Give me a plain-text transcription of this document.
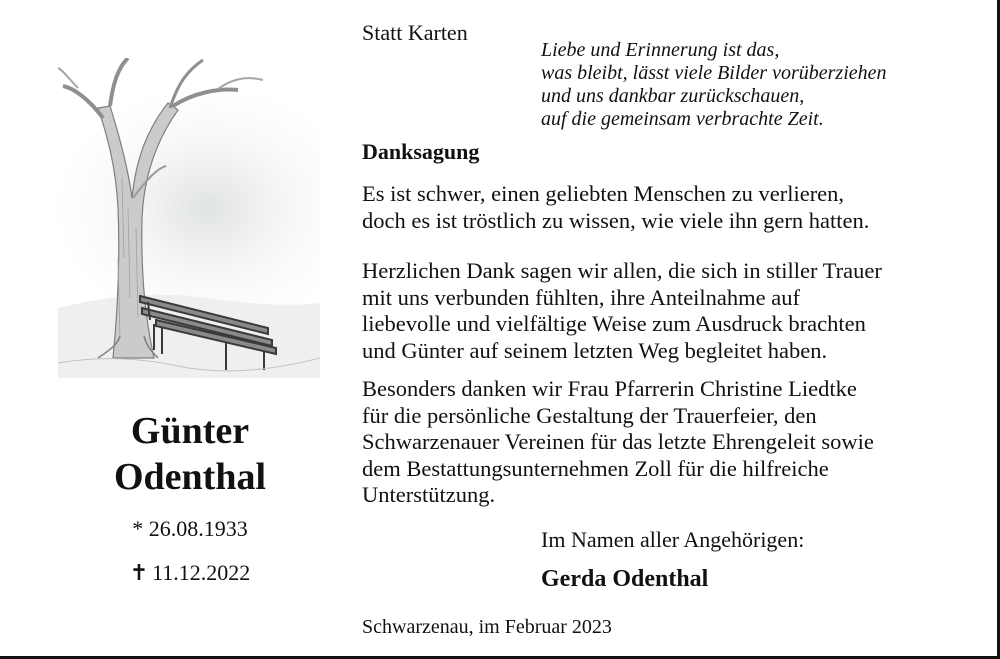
Günter
Odenthal
* 26.08.1933
✝ 11.12.2022
Statt Karten
Liebe und Erinnerung ist das,
was bleibt, lässt viele Bilder vorüberziehen
und uns dankbar zurückschauen,
auf die gemeinsam verbrachte Zeit.
Danksagung
Es ist schwer, einen geliebten Menschen zu verlieren,
doch es ist tröstlich zu wissen, wie viele ihn gern hatten.
Herzlichen Dank sagen wir allen, die sich in stiller Trauer
mit uns verbunden fühlten, ihre Anteilnahme auf
liebevolle und vielfältige Weise zum Ausdruck brachten
und Günter auf seinem letzten Weg begleitet haben.
Besonders danken wir Frau Pfarrerin Christine Liedtke
für die persönliche Gestaltung der Trauerfeier, den
Schwarzenauer Vereinen für das letzte Ehrengeleit sowie
dem Bestattungsunternehmen Zoll für die hilfreiche
Unterstützung.
Im Namen aller Angehörigen:
Gerda Odenthal
Schwarzenau, im Februar 2023
